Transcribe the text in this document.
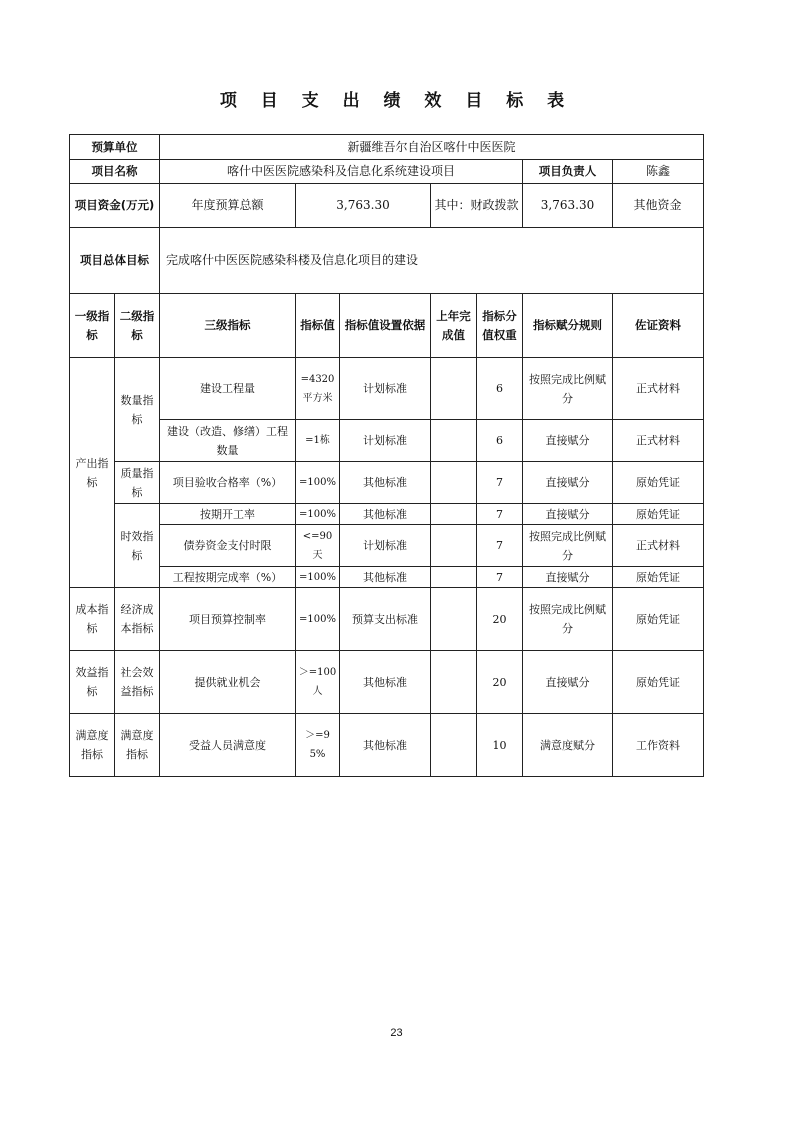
项 目 支 出 绩 效 目 标 表
预算单位		新疆维吾尔自治区喀什中医医院						
项目名称		喀什中医医院感染科及信息化系统建设项目					项目负责人	陈鑫
项目资金(万元)		年度预算总额	3,763.30		其中：财政拨款		3,763.30	其他资金
项目总体目标		完成喀什中医医院感染科楼及信息化项目的建设						
一级指标	二级指标	三级指标	指标值	指标值设置依据	上年完成值	指标分值权重	指标赋分规则	佐证资料
产出指标	数量指标	建设工程量	=4320平方米	计划标准		6	按照完成比例赋分	正式材料
		建设（改造、修缮）工程数量	=1栋	计划标准		6	直接赋分	正式材料
	质量指标	项目验收合格率（%）	=100%	其他标准		7	直接赋分	原始凭证
	时效指标	按期开工率	=100%	其他标准		7	直接赋分	原始凭证
		债券资金支付时限	<=90天	计划标准		7	按照完成比例赋分	正式材料
		工程按期完成率（%）	=100%	其他标准		7	直接赋分	原始凭证
成本指标	经济成本指标	项目预算控制率	=100%	预算支出标准		20	按照完成比例赋分	原始凭证
效益指标	社会效益指标	提供就业机会	＞=100人	其他标准		20	直接赋分	原始凭证
满意度指标	满意度指标	受益人员满意度	＞=95%	其他标准		10	满意度赋分	工作资料
23
